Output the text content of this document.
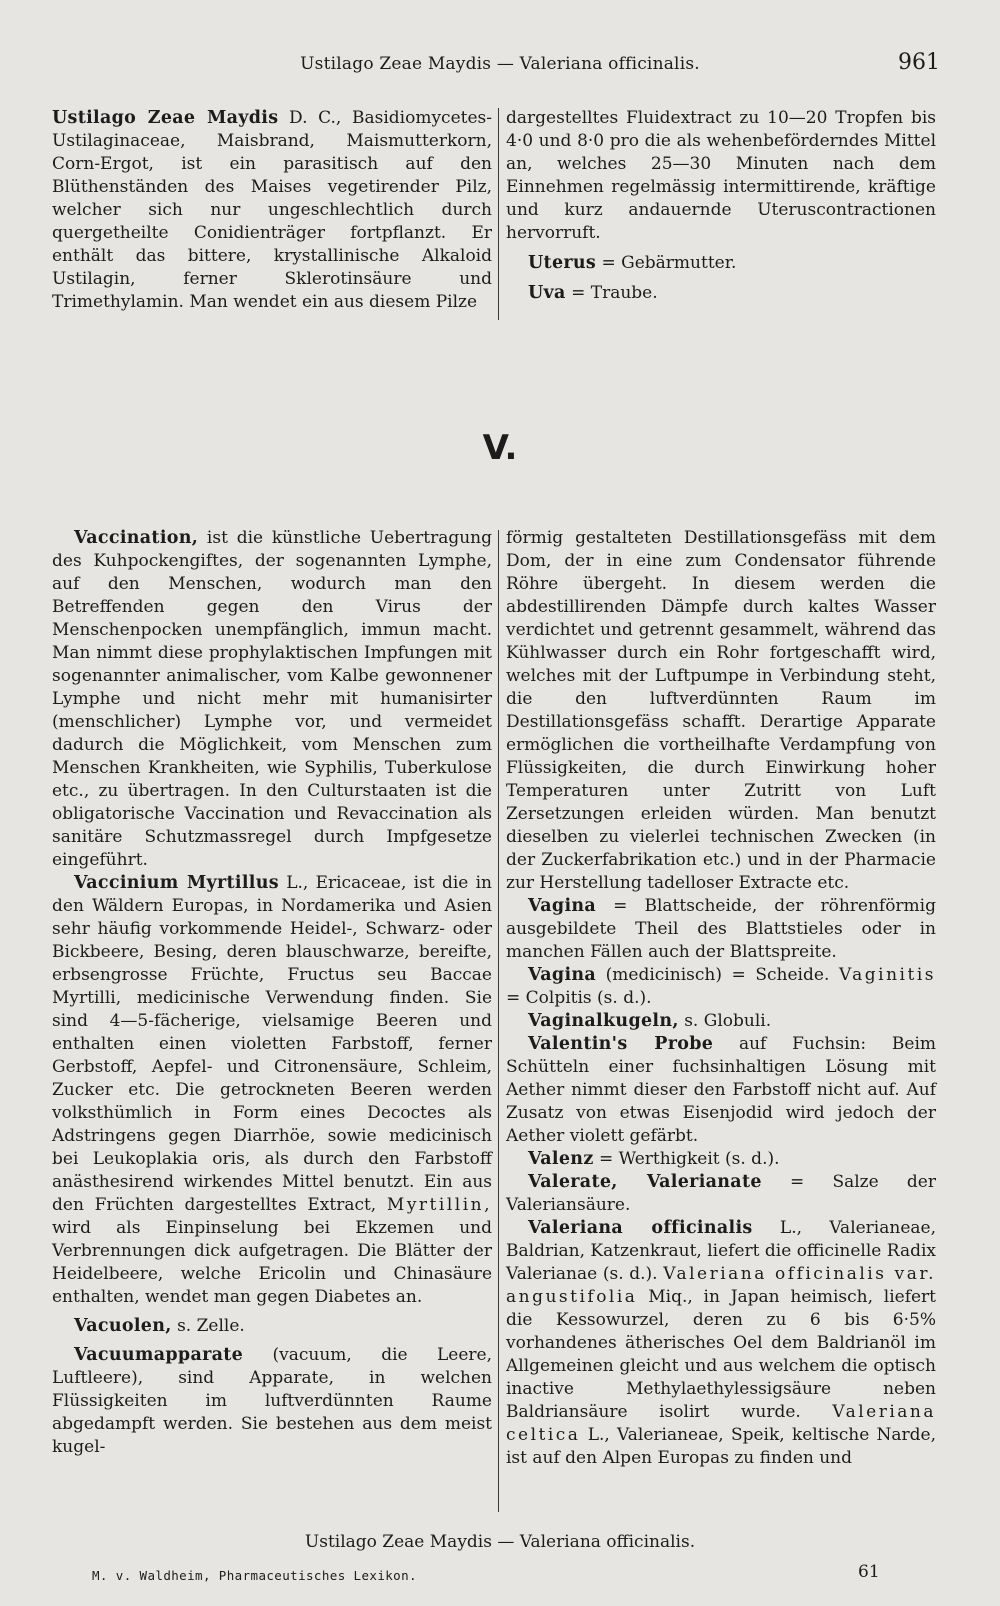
Ustilago Zeae Maydis — Valeriana officinalis.	961

Ustilago Zeae Maydis D. C., Basidiomycetes-Ustilaginaceae, Maisbrand, Maismutterkorn, Corn-Ergot, ist ein parasitisch auf den Blüthenständen des Maises vegetirender Pilz, welcher sich nur ungeschlechtlich durch quergetheilte Conidienträger fortpflanzt. Er enthält das bittere, krystallinische Alkaloid Ustilagin, ferner Sklerotinsäure und Trimethylamin. Man wendet ein aus diesem Pilze

dargestelltes Fluidextract zu 10—20 Tropfen bis 4·0 und 8·0 pro die als wehenbeförderndes Mittel an, welches 25—30 Minuten nach dem Einnehmen regelmässig intermittirende, kräftige und kurz andauernde Uteruscontractionen hervorruft.

Uterus = Gebärmutter.

Uva = Traube.

V.

Vaccination, ist die künstliche Uebertragung des Kuhpockengiftes, der sogenannten Lymphe, auf den Menschen, wodurch man den Betreffenden gegen den Virus der Menschenpocken unempfänglich, immun macht. Man nimmt diese prophylaktischen Impfungen mit sogenannter animalischer, vom Kalbe gewonnener Lymphe und nicht mehr mit humanisirter (menschlicher) Lymphe vor, und vermeidet dadurch die Möglichkeit, vom Menschen zum Menschen Krankheiten, wie Syphilis, Tuberkulose etc., zu übertragen. In den Culturstaaten ist die obligatorische Vaccination und Revaccination als sanitäre Schutzmassregel durch Impfgesetze eingeführt.

Vaccinium Myrtillus L., Ericaceae, ist die in den Wäldern Europas, in Nordamerika und Asien sehr häufig vorkommende Heidel-, Schwarz- oder Bickbeere, Besing, deren blauschwarze, bereifte, erbsengrosse Früchte, Fructus seu Baccae Myrtilli, medicinische Verwendung finden. Sie sind 4—5-fächerige, vielsamige Beeren und enthalten einen violetten Farbstoff, ferner Gerbstoff, Aepfel- und Citronensäure, Schleim, Zucker etc. Die getrockneten Beeren werden volksthümlich in Form eines Decoctes als Adstringens gegen Diarrhöe, sowie medicinisch bei Leukoplakia oris, als durch den Farbstoff anästhesirend wirkendes Mittel benutzt. Ein aus den Früchten dargestelltes Extract, Myrtillin, wird als Einpinselung bei Ekzemen und Verbrennungen dick aufgetragen. Die Blätter der Heidelbeere, welche Ericolin und Chinasäure enthalten, wendet man gegen Diabetes an.

Vacuolen, s. Zelle.

Vacuumapparate (vacuum, die Leere, Luftleere), sind Apparate, in welchen Flüssigkeiten im luftverdünnten Raume abgedampft werden. Sie bestehen aus dem meist kugel-

förmig gestalteten Destillationsgefäss mit dem Dom, der in eine zum Condensator führende Röhre übergeht. In diesem werden die abdestillirenden Dämpfe durch kaltes Wasser verdichtet und getrennt gesammelt, während das Kühlwasser durch ein Rohr fortgeschafft wird, welches mit der Luftpumpe in Verbindung steht, die den luftverdünnten Raum im Destillationsgefäss schafft. Derartige Apparate ermöglichen die vortheilhafte Verdampfung von Flüssigkeiten, die durch Einwirkung hoher Temperaturen unter Zutritt von Luft Zersetzungen erleiden würden. Man benutzt dieselben zu vielerlei technischen Zwecken (in der Zuckerfabrikation etc.) und in der Pharmacie zur Herstellung tadelloser Extracte etc.

Vagina = Blattscheide, der röhrenförmig ausgebildete Theil des Blattstieles oder in manchen Fällen auch der Blattspreite.

Vagina (medicinisch) = Scheide. Vaginitis = Colpitis (s. d.).

Vaginalkugeln, s. Globuli.

Valentin's Probe auf Fuchsin: Beim Schütteln einer fuchsinhaltigen Lösung mit Aether nimmt dieser den Farbstoff nicht auf. Auf Zusatz von etwas Eisenjodid wird jedoch der Aether violett gefärbt.

Valenz = Werthigkeit (s. d.).

Valerate, Valerianate = Salze der Valeriansäure.

Valeriana officinalis L., Valerianeae, Baldrian, Katzenkraut, liefert die officinelle Radix Valerianae (s. d.). Valeriana officinalis var. angustifolia Miq., in Japan heimisch, liefert die Kessowurzel, deren zu 6 bis 6·5% vorhandenes ätherisches Oel dem Baldrianöl im Allgemeinen gleicht und aus welchem die optisch inactive Methylaethylessigsäure neben Baldriansäure isolirt wurde. Valeriana celtica L., Valerianeae, Speik, keltische Narde, ist auf den Alpen Europas zu finden und

Ustilago Zeae Maydis — Valeriana officinalis.
M. v. Waldheim, Pharmaceutisches Lexikon.	61
